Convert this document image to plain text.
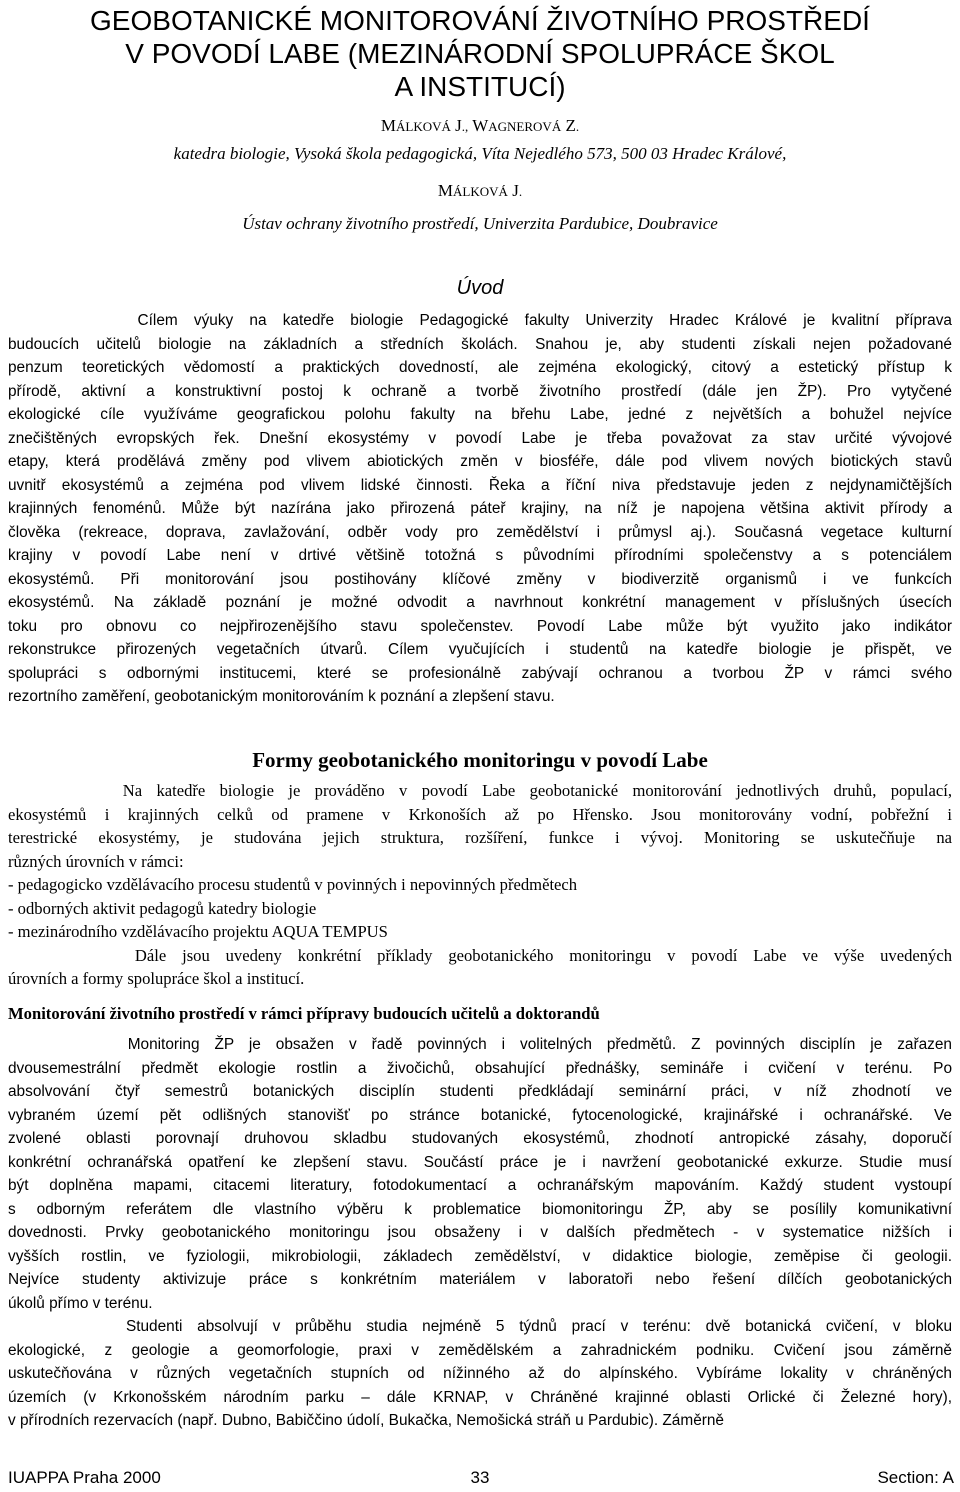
GEOBOTANICKÉ MONITOROVÁNÍ ŽIVOTNÍHO PROSTŘEDÍ
V POVODÍ LABE (MEZINÁRODNÍ SPOLUPRÁCE ŠKOL
A INSTITUCÍ)
MÁLKOVÁ J., WAGNEROVÁ Z.
katedra biologie, Vysoká škola pedagogická, Víta Nejedlého 573, 500 03 Hradec Králové,
MÁLKOVÁ J.
Ústav ochrany životního prostředí, Univerzita Pardubice, Doubravice
Úvod
Cílem výuky na katedře biologie Pedagogické fakulty Univerzity Hradec Králové je kvalitní příprava
budoucích učitelů biologie na základních a středních školách. Snahou je, aby studenti získali nejen požadované
penzum teoretických vědomostí a praktických dovedností, ale zejména ekologický, citový a estetický přístup k
přírodě, aktivní a konstruktivní postoj k ochraně a tvorbě životního prostředí (dále jen ŽP). Pro vytyčené
ekologické cíle využíváme geografickou polohu fakulty na břehu Labe, jedné z největších a bohužel nejvíce
znečištěných evropských řek. Dnešní ekosystémy v povodí Labe je třeba považovat za stav určité vývojové
etapy, která prodělává změny pod vlivem abiotických změn v biosféře, dále pod vlivem nových biotických stavů
uvnitř ekosystémů a zejména pod vlivem lidské činnosti. Řeka a říční niva představuje jeden z nejdynamičtějších
krajinných fenoménů. Může být nazírána jako přirozená páteř krajiny, na níž je napojena většina aktivit přírody a
člověka (rekreace, doprava, zavlažování, odběr vody pro zemědělství i průmysl aj.). Současná vegetace kulturní
krajiny v povodí Labe není v drtivé většině totožná s původními přírodními společenstvy a s potenciálem
ekosystémů. Při monitorování jsou postihovány klíčové změny v biodiverzitě organismů i ve funkcích
ekosystémů. Na základě poznání je možné odvodit a navrhnout konkrétní management v příslušných úsecích
toku pro obnovu co nejpřirozenějšího stavu společenstev. Povodí Labe může být využito jako indikátor
rekonstrukce přirozených vegetačních útvarů. Cílem vyučujících i studentů na katedře biologie je přispět, ve
spolupráci s odbornými institucemi, které se profesionálně zabývají ochranou a tvorbou ŽP v rámci svého
rezortního zaměření, geobotanickým monitorováním k poznání a zlepšení stavu.
Formy geobotanického monitoringu v povodí Labe
Na katedře biologie je prováděno v povodí Labe geobotanické monitorování jednotlivých druhů, populací,
ekosystémů i krajinných celků od pramene v Krkonoších až po Hřensko. Jsou monitorovány vodní, pobřežní i
terestrické ekosystémy, je studována jejich struktura, rozšíření, funkce i vývoj. Monitoring se uskutečňuje na
různých úrovních v rámci:
- pedagogicko vzdělávacího procesu studentů v povinných i nepovinných předmětech
- odborných aktivit pedagogů katedry biologie
- mezinárodního vzdělávacího projektu AQUA TEMPUS
Dále jsou uvedeny konkrétní příklady geobotanického monitoringu v povodí Labe ve výše uvedených
úrovních a formy spolupráce škol a institucí.
Monitorování životního prostředí v rámci přípravy budoucích učitelů a doktorandů
Monitoring ŽP je obsažen v řadě povinných i volitelných předmětů. Z povinných disciplín je zařazen
dvousemestrální předmět ekologie rostlin a živočichů, obsahující přednášky, semináře i cvičení v terénu. Po
absolvování čtyř semestrů botanických disciplín studenti předkládají seminární práci, v níž zhodnotí ve
vybraném území pět odlišných stanovišť po stránce botanické, fytocenologické, krajinářské i ochranářské. Ve
zvolené oblasti porovnají druhovou skladbu studovaných ekosystémů, zhodnotí antropické zásahy, doporučí
konkrétní ochranářská opatření ke zlepšení stavu. Součástí práce je i navržení geobotanické exkurze. Studie musí
být doplněna mapami, citacemi literatury, fotodokumentací a ochranářským mapováním. Každý student vystoupí
s odborným referátem dle vlastního výběru k problematice biomonitoringu ŽP, aby se posílily komunikativní
dovednosti. Prvky geobotanického monitoringu jsou obsaženy i v dalších předmětech - v systematice nižších i
vyšších rostlin, ve fyziologii, mikrobiologii, základech zemědělství, v didaktice biologie, zeměpise či geologii.
Nejvíce studenty aktivizuje práce s konkrétním materiálem v laboratoři nebo řešení dílčích geobotanických
úkolů přímo v terénu.
Studenti absolvují v průběhu studia nejméně 5 týdnů prací v terénu: dvě botanická cvičení, v bloku
ekologické, z geologie a geomorfologie, praxi v zemědělském a zahradnickém podniku. Cvičení jsou záměrně
uskutečňována v různých vegetačních stupních od nížinného až do alpínského. Vybíráme lokality v chráněných
územích (v Krkonošském národním parku – dále KRNAP, v Chráněné krajinné oblasti Orlické či Železné hory),
v přírodních rezervacích (např. Dubno, Babiččino údolí, Bukačka, Nemošická stráň u Pardubic). Záměrně
IUAPPA Praha 2000	33	Section: A
